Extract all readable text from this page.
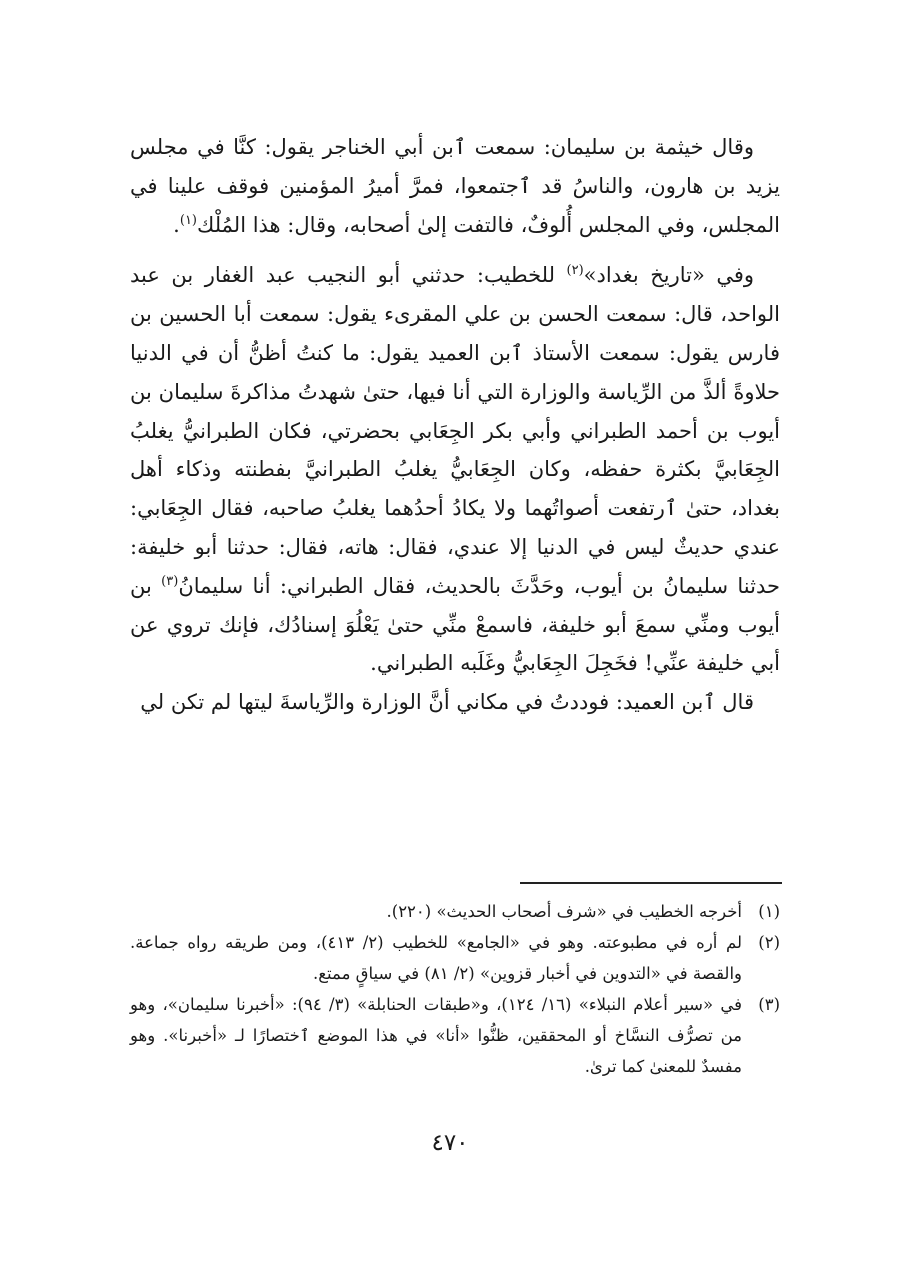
وقال خيثمة بن سليمان: سمعت ٱبن أبي الخناجر يقول: كنَّا في مجلس يزيد بن هارون، والناسُ قد ٱجتمعوا، فمرَّ أميرُ المؤمنين فوقف علينا في المجلس، وفي المجلس أُلوفٌ، فالتفت إلىٰ أصحابه، وقال: هذا المُلْك$^{(١)}$.

وفي «تاريخ بغداد»$^{(٢)}$ للخطيب: حدثني أبو النجيب عبد الغفار بن عبد الواحد، قال: سمعت الحسن بن علي المقرىء يقول: سمعت أبا الحسين بن فارس يقول: سمعت الأستاذ ٱبن العميد يقول: ما كنتُ أظنُّ أن في الدنيا حلاوةً ألذَّ من الرِّياسة والوزارة التي أنا فيها، حتىٰ شهدتُ مذاكرةَ سليمان بن أيوب بن أحمد الطبراني وأبي بكر الجِعَابي بحضرتي، فكان الطبرانيُّ يغلبُ الجِعَابيَّ بكثرة حفظه، وكان الجِعَابيُّ يغلبُ الطبرانيَّ بفطنته وذكاء أهل بغداد، حتىٰ ٱرتفعت أصواتُهما ولا يكادُ أحدُهما يغلبُ صاحبه، فقال الجِعَابي: عندي حديثٌ ليس في الدنيا إلا عندي، فقال: هاته، فقال: حدثنا أبو خليفة: حدثنا سليمانُ بن أيوب، وحَدَّثَ بالحديث، فقال الطبراني: أنا سليمانُ$^{(٣)}$ بن أيوب ومنِّي سمعَ أبو خليفة، فاسمعْ منِّي حتىٰ يَعْلُوَ إسنادُك، فإنك تروي عن أبي خليفة عنِّي! فخَجِلَ الجِعَابيُّ وغَلَبه الطبراني.

قال ٱبن العميد: فوددتُ في مكاني أنَّ الوزارة والرِّياسةَ ليتها لم تكن لي

(١)
أخرجه الخطيب في «شرف أصحاب الحديث» (٢٢٠).
(٢)
لم أره في مطبوعته. وهو في «الجامع» للخطيب (٢/ ٤١٣)، ومن طريقه رواه جماعة. والقصة في «التدوين في أخبار قزوين» (٢/ ٨١) في سياقٍ ممتع.
(٣)
في «سير أعلام النبلاء» (١٦/ ١٢٤)، و«طبقات الحنابلة» (٣/ ٩٤): «أخبرنا سليمان»، وهو من تصرُّف النسَّاخ أو المحققين، ظنُّوا «أنا» في هذا الموضع ٱختصارًا لـ «أخبرنا». وهو مفسدٌ للمعنىٰ كما ترىٰ.
٤٧٠
